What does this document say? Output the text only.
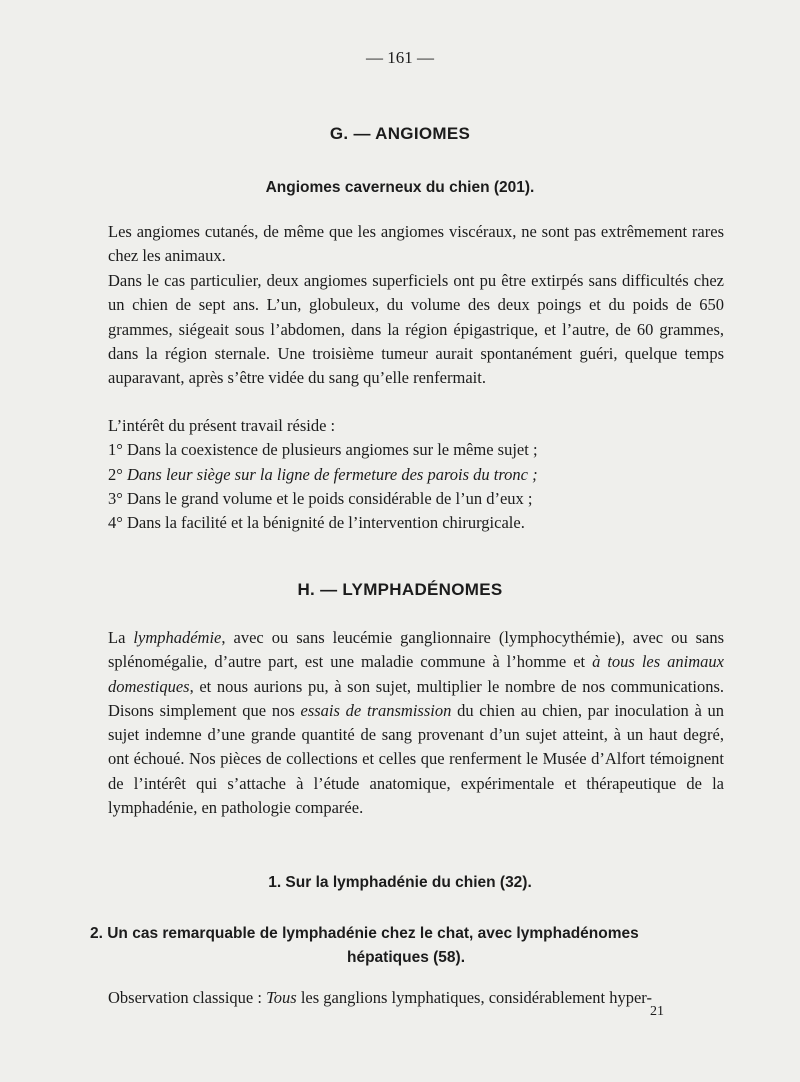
— 161 —
G. — ANGIOMES
Angiomes caverneux du chien (201).
Les angiomes cutanés, de même que les angiomes viscéraux, ne sont pas extrêmement rares chez les animaux.
Dans le cas particulier, deux angiomes superficiels ont pu être extirpés sans difficultés chez un chien de sept ans. L’un, globuleux, du volume des deux poings et du poids de 650 grammes, siégeait sous l’abdomen, dans la région épigastrique, et l’autre, de 60 grammes, dans la région sternale. Une troisième tumeur aurait spontanément guéri, quelque temps auparavant, après s’être vidée du sang qu’elle renfermait.
L’intérêt du présent travail réside :
1° Dans la coexistence de plusieurs angiomes sur le même sujet ;
2° Dans leur siège sur la ligne de fermeture des parois du tronc ;
3° Dans le grand volume et le poids considérable de l’un d’eux ;
4° Dans la facilité et la bénignité de l’intervention chirurgicale.
H. — LYMPHADÉNOMES
La lymphadémie, avec ou sans leucémie ganglionnaire (lymphocythémie), avec ou sans splénomégalie, d’autre part, est une maladie commune à l’homme et à tous les animaux domestiques, et nous aurions pu, à son sujet, multiplier le nombre de nos communications. Disons simplement que nos essais de transmission du chien au chien, par inoculation à un sujet indemne d’une grande quantité de sang provenant d’un sujet atteint, à un haut degré, ont échoué. Nos pièces de collections et celles que renferment le Musée d’Alfort témoignent de l’intérêt qui s’attache à l’étude anatomique, expérimentale et thérapeutique de la lymphadénie, en pathologie comparée.
1. Sur la lymphadénie du chien (32).
2. Un cas remarquable de lymphadénie chez le chat, avec lymphadénomes
hépatiques (58).
Observation classique : Tous les ganglions lymphatiques, considérablement hyper-
21
